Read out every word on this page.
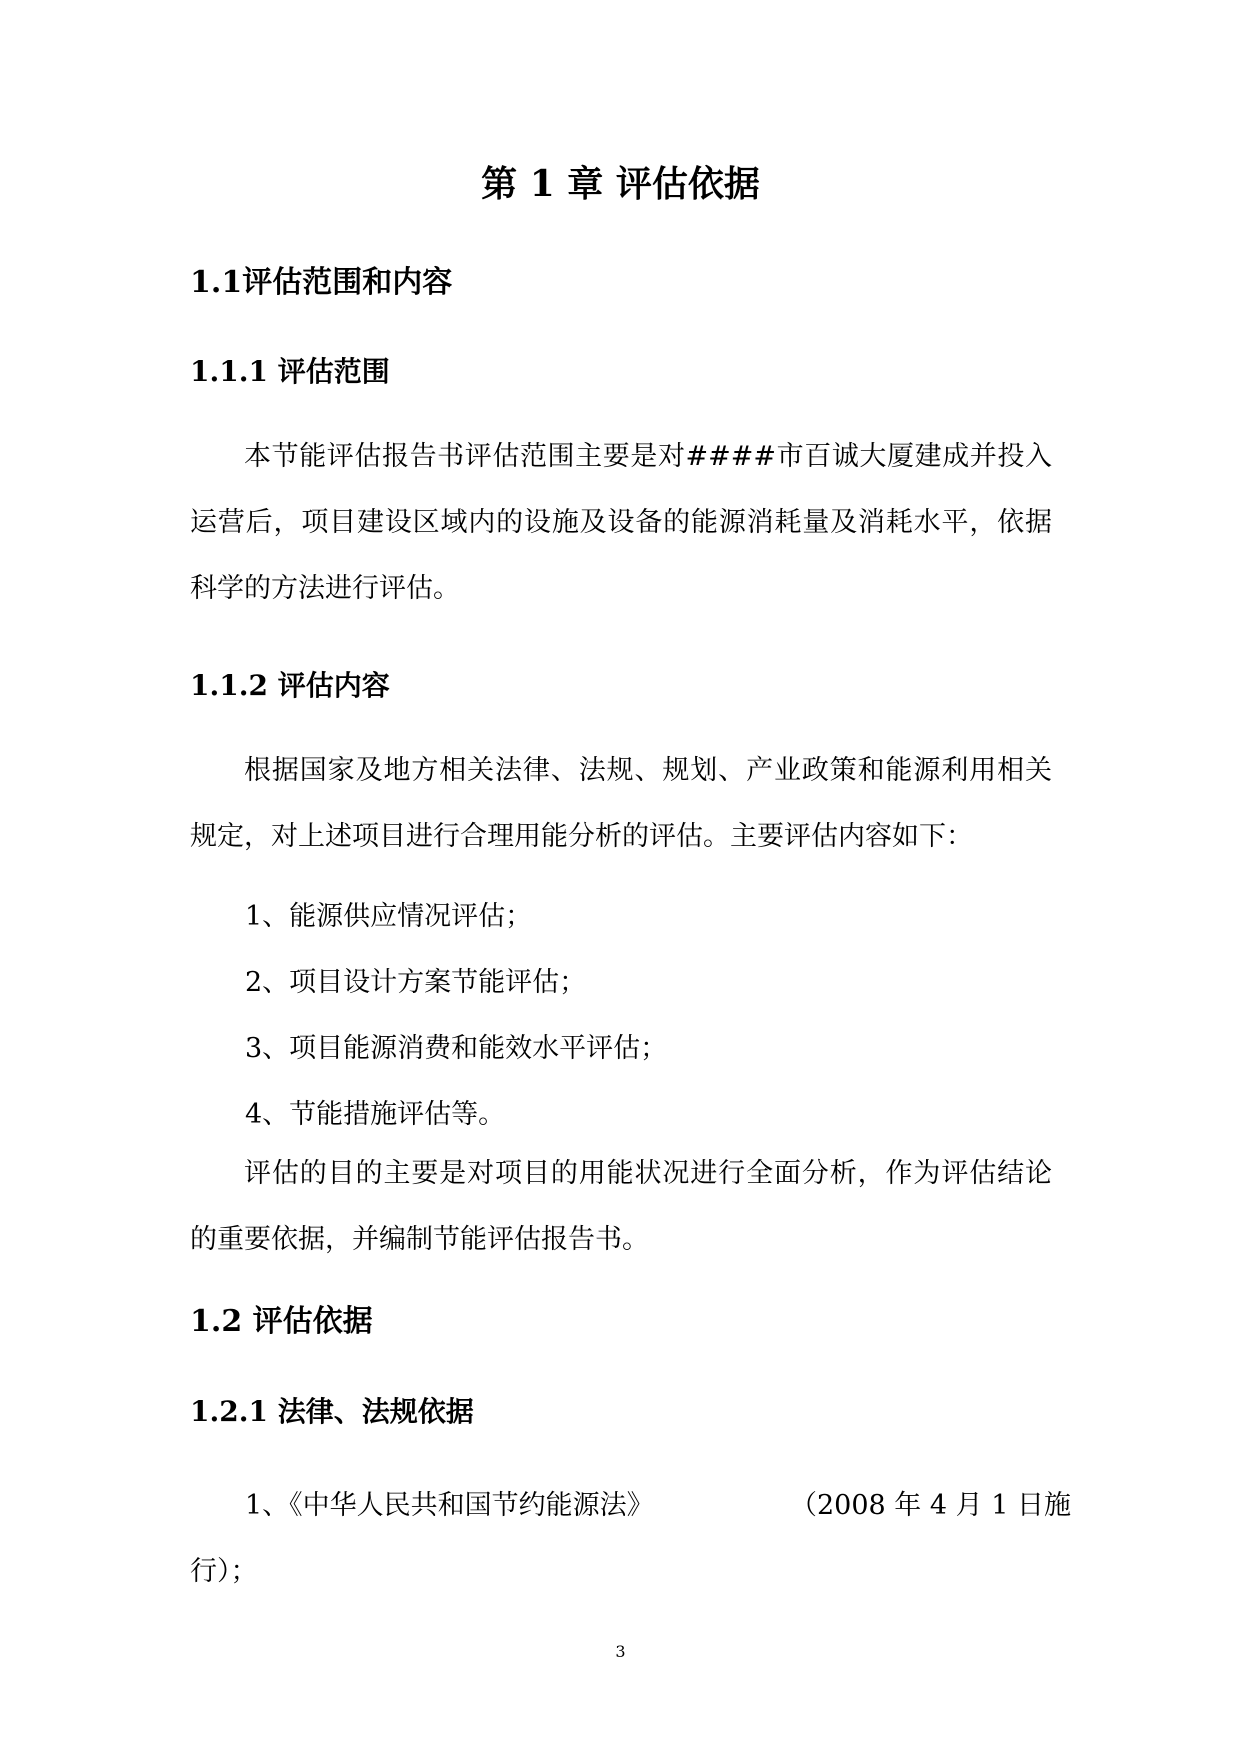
第 1 章 评估依据
1.1评估范围和内容
1.1.1 评估范围
本节能评估报告书评估范围主要是对####市百诚大厦建成并投入运营后，项目建设区域内的设施及设备的能源消耗量及消耗水平，依据科学的方法进行评估。
1.1.2 评估内容
根据国家及地方相关法律、法规、规划、产业政策和能源利用相关规定，对上述项目进行合理用能分析的评估。主要评估内容如下：
1、能源供应情况评估；
2、项目设计方案节能评估；
3、项目能源消费和能效水平评估；
4、节能措施评估等。
评估的目的主要是对项目的用能状况进行全面分析，作为评估结论的重要依据，并编制节能评估报告书。
1.2 评估依据
1.2.1 法律、法规依据
1、《中华人民共和国节约能源法》	（2008 年 4 月 1 日施
行）；
3
